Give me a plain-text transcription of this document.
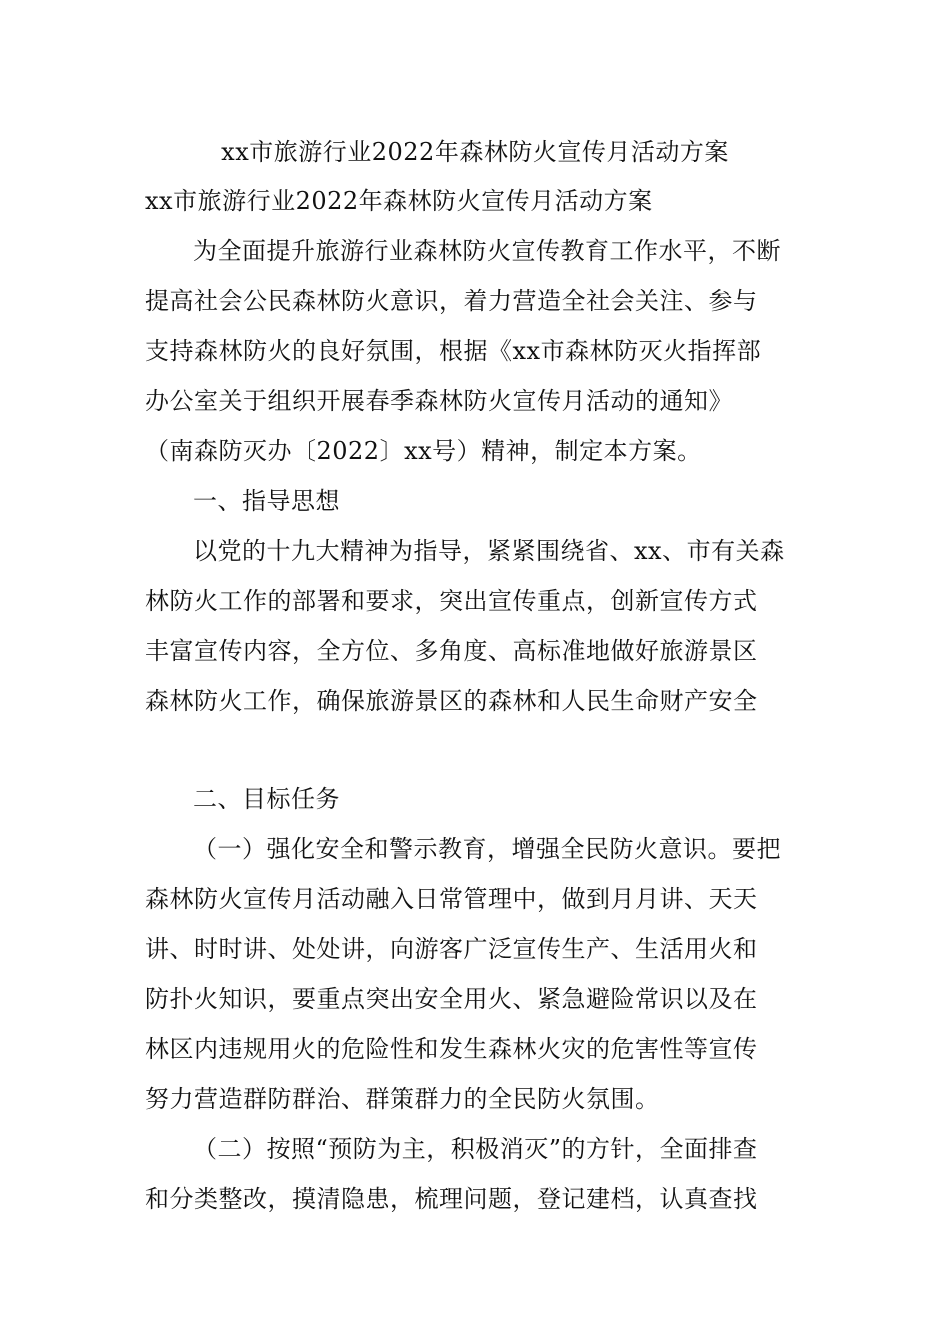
xx市旅游行业2022年森林防火宣传月活动方案
xx市旅游行业2022年森林防火宣传月活动方案
为全面提升旅游行业森林防火宣传教育工作水平，不断
提高社会公民森林防火意识，着力营造全社会关注、参与
支持森林防火的良好氛围，根据《xx市森林防灭火指挥部
办公室关于组织开展春季森林防火宣传月活动的通知》
（南森防灭办〔2022〕xx号）精神，制定本方案。
一、指导思想
以党的十九大精神为指导，紧紧围绕省、xx、市有关森
林防火工作的部署和要求，突出宣传重点，创新宣传方式
丰富宣传内容，全方位、多角度、高标准地做好旅游景区
森林防火工作，确保旅游景区的森林和人民生命财产安全
二、目标任务
（一）强化安全和警示教育，增强全民防火意识。要把
森林防火宣传月活动融入日常管理中，做到月月讲、天天
讲、时时讲、处处讲，向游客广泛宣传生产、生活用火和
防扑火知识，要重点突出安全用火、紧急避险常识以及在
林区内违规用火的危险性和发生森林火灾的危害性等宣传
努力营造群防群治、群策群力的全民防火氛围。
（二）按照“预防为主，积极消灭”的方针，全面排查
和分类整改，摸清隐患，梳理问题，登记建档，认真查找
